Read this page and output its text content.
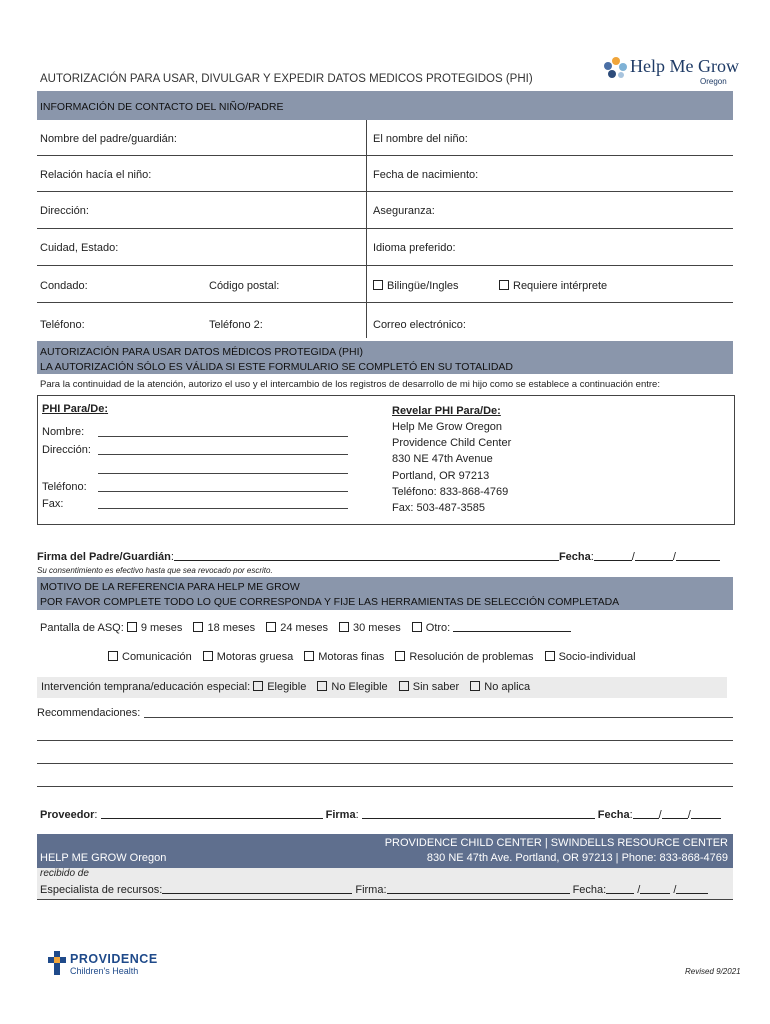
AUTORIZACIÓN PARA USAR, DIVULGAR Y EXPEDIR DATOS MEDICOS PROTEGIDOS (PHI)
Help Me Grow
Oregon
INFORMACIÓN DE CONTACTO DEL NIÑO/PADRE
Nombre del padre/guardián:	El nombre del niño:
Relación hacía el niño:	Fecha de nacimiento:
Dirección:	Aseguranza:
Cuidad, Estado:	Idioma preferido:
Condado:	Código postal:	Bilingüe/Ingles	Requiere intérprete
Teléfono:	Teléfono 2:	Correo electrónico:
AUTORIZACIÓN PARA USAR DATOS MÉDICOS PROTEGIDA (PHI)
LA AUTORIZACIÓN SÓLO ES VÁLIDA SI ESTE FORMULARIO SE COMPLETÓ EN SU TOTALIDAD
Para la continuidad de la atención, autorizo el uso y el intercambio de los registros de desarrollo de mi hijo como se establece a continuación entre:
PHI Para/De:
Nombre:
Dirección:
Teléfono:
Fax:
Revelar PHI Para/De:
Help Me Grow Oregon
Providence Child Center
830 NE 47th Avenue
Portland, OR 97213
Teléfono: 833-868-4769
Fax: 503-487-3585
Firma del Padre/Guardián:	Fecha:	/	/
Su consentimiento es efectivo hasta que sea revocado por escrito.
MOTIVO DE LA REFERENCIA PARA HELP ME GROW
POR FAVOR COMPLETE TODO LO QUE CORRESPONDA Y FIJE LAS HERRAMIENTAS DE SELECCIÓN COMPLETADA
Pantalla de ASQ: 9 meses 18 meses 24 meses 30 meses Otro:
Comunicación Motoras gruesa Motoras finas Resolución de problemas Socio-individual
Intervención temprana/educación especial: Elegible No Elegible Sin saber No aplica
Recommendaciones:
Proveedor:	Firma:	Fecha: / /
HELP ME GROW Oregon
PROVIDENCE CHILD CENTER | SWINDELLS RESOURCE CENTER
830 NE 47th Ave. Portland, OR 97213 | Phone: 833-868-4769
recibido de
Especialista de recursos:	Firma:	Fecha:	/	/
PROVIDENCE
Children's Health	Revised 9/2021
